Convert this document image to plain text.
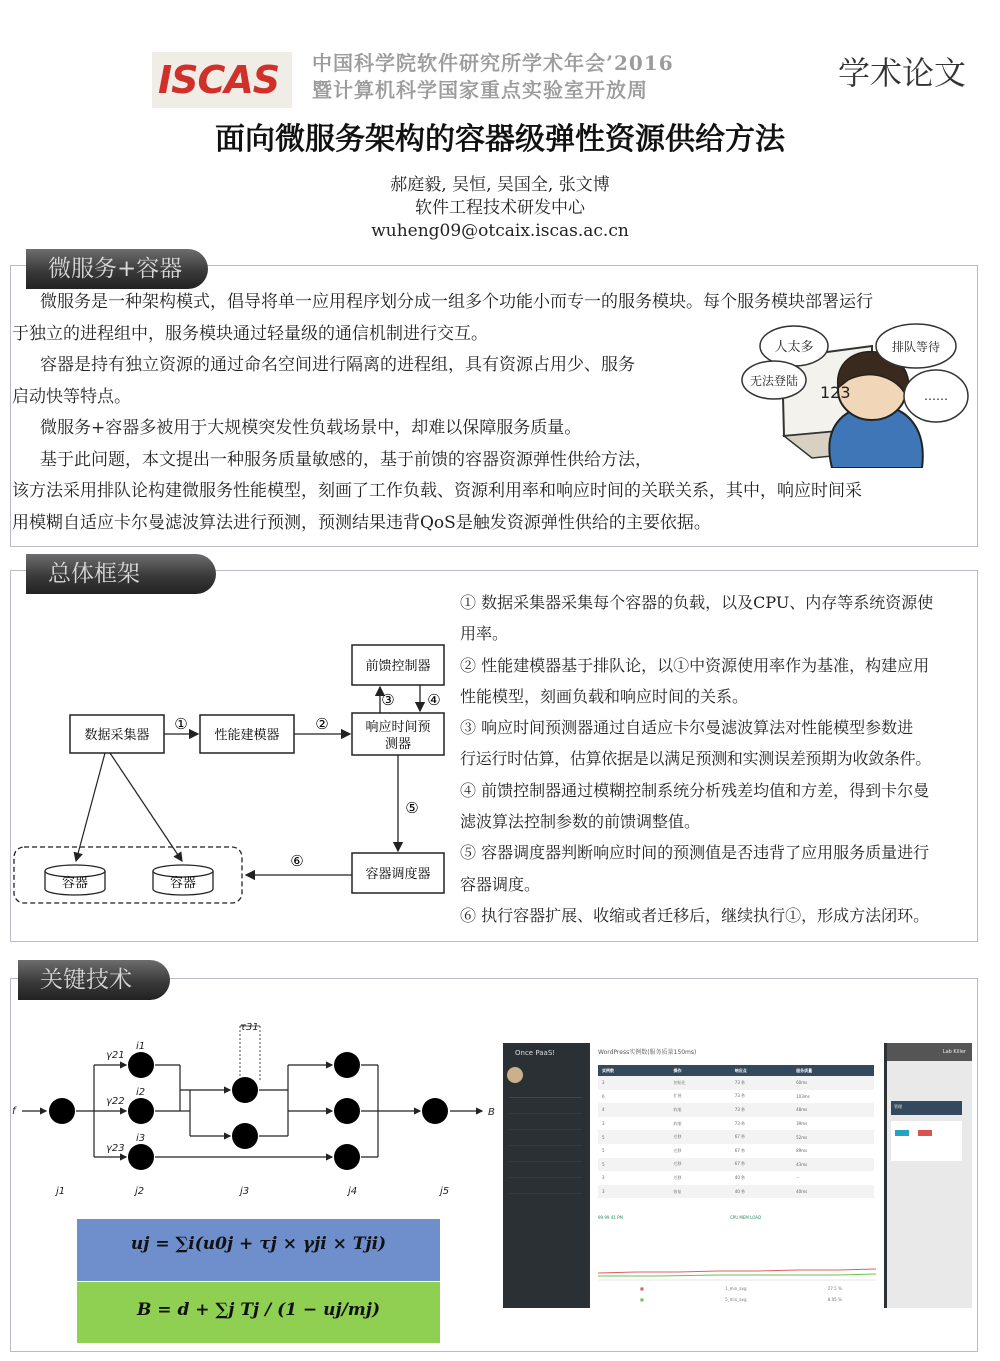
ISCAS 中国科学院软件研究所学术年会’2016
暨计算机科学国家重点实验室开放周	学术论文
面向微服务架构的容器级弹性资源供给方法
郝庭毅, 吴恒, 吴国全, 张文博
软件工程技术研发中心
wuheng09@otcaix.iscas.ac.cn
微服务+容器
微服务是一种架构模式，倡导将单一应用程序划分成一组多个功能小而专一的服务模块。每个服务模块部署运行
于独立的进程组中，服务模块通过轻量级的通信机制进行交互。
容器是持有独立资源的通过命名空间进行隔离的进程组，具有资源占用少、服务
启动快等特点。
微服务+容器多被用于大规模突发性负载场景中，却难以保障服务质量。
基于此问题，本文提出一种服务质量敏感的，基于前馈的容器资源弹性供给方法，
该方法采用排队论构建微服务性能模型，刻画了工作负载、资源利用率和响应时间的关联关系，其中，响应时间采
用模糊自适应卡尔曼滤波算法进行预测，预测结果违背QoS是触发资源弹性供给的主要依据。
123
人太多	排队等待
无法登陆
……
总体框架
数据采集器	性能建模器
响应时间预
测器
前馈控制器
容器调度器
容器	容器
①	②
③ ④
⑤
⑥
① 数据采集器采集每个容器的负载，以及CPU、内存等系统资源使
用率。
② 性能建模器基于排队论，以①中资源使用率作为基准，构建应用
性能模型，刻画负载和响应时间的关系。
③ 响应时间预测器通过自适应卡尔曼滤波算法对性能模型参数进
行运行时估算，估算依据是以满足预测和实测误差预期为收敛条件。
④ 前馈控制器通过模糊控制系统分析残差均值和方差，得到卡尔曼
滤波算法控制参数的前馈调整值。
⑤ 容器调度器判断响应时间的预测值是否违背了应用服务质量进行
容器调度。
⑥ 执行容器扩展、收缩或者迁移后，继续执行①，形成方法闭环。
关键技术
τ31
f	B
i1
i2
i3
γ21
γ22
γ23
j1	j2	j3	j4	j5
uj = ∑i(u0j + τj × γji × Tji)
B = d + ∑j Tj / (1 − uj/mj)
Once PaaS!	WordPress实例数(服务质量150ms)
实例数	操作	响应点	服务质量
3	初始化	73 秒	60ms
6	扩展	73 秒	103ms
4	收缩	73 秒	48ms
3	收缩	73 秒	39ms
5	迁移	67 秒	52ms
5	迁移	67 秒	89ms
5	迁移	67 秒	43ms
3	迁移	40 秒	--
3	恢复	40 秒	40ms
99.99 41 PM	CPU MEM LOAD
■	1_min_avg	27.5 %
■	5_min_avg	8.05 %
Lab Killer
管理
